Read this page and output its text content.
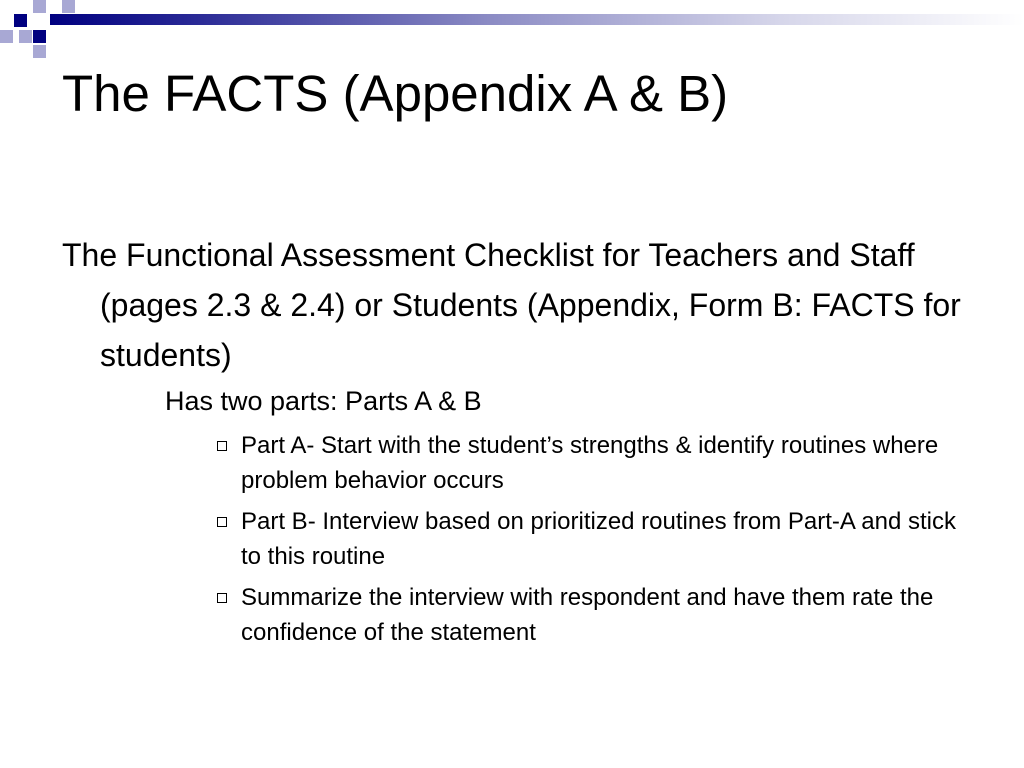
The FACTS (Appendix A & B)

The Functional Assessment Checklist for Teachers and Staff (pages 2.3 & 2.4) or Students (Appendix, Form B: FACTS for students)

Has two parts: Parts A & B

Part A- Start with the student’s strengths & identify routines where problem behavior occurs
Part B- Interview based on prioritized routines from Part-A and stick to this routine
Summarize the interview with respondent and have them rate the confidence of the statement
